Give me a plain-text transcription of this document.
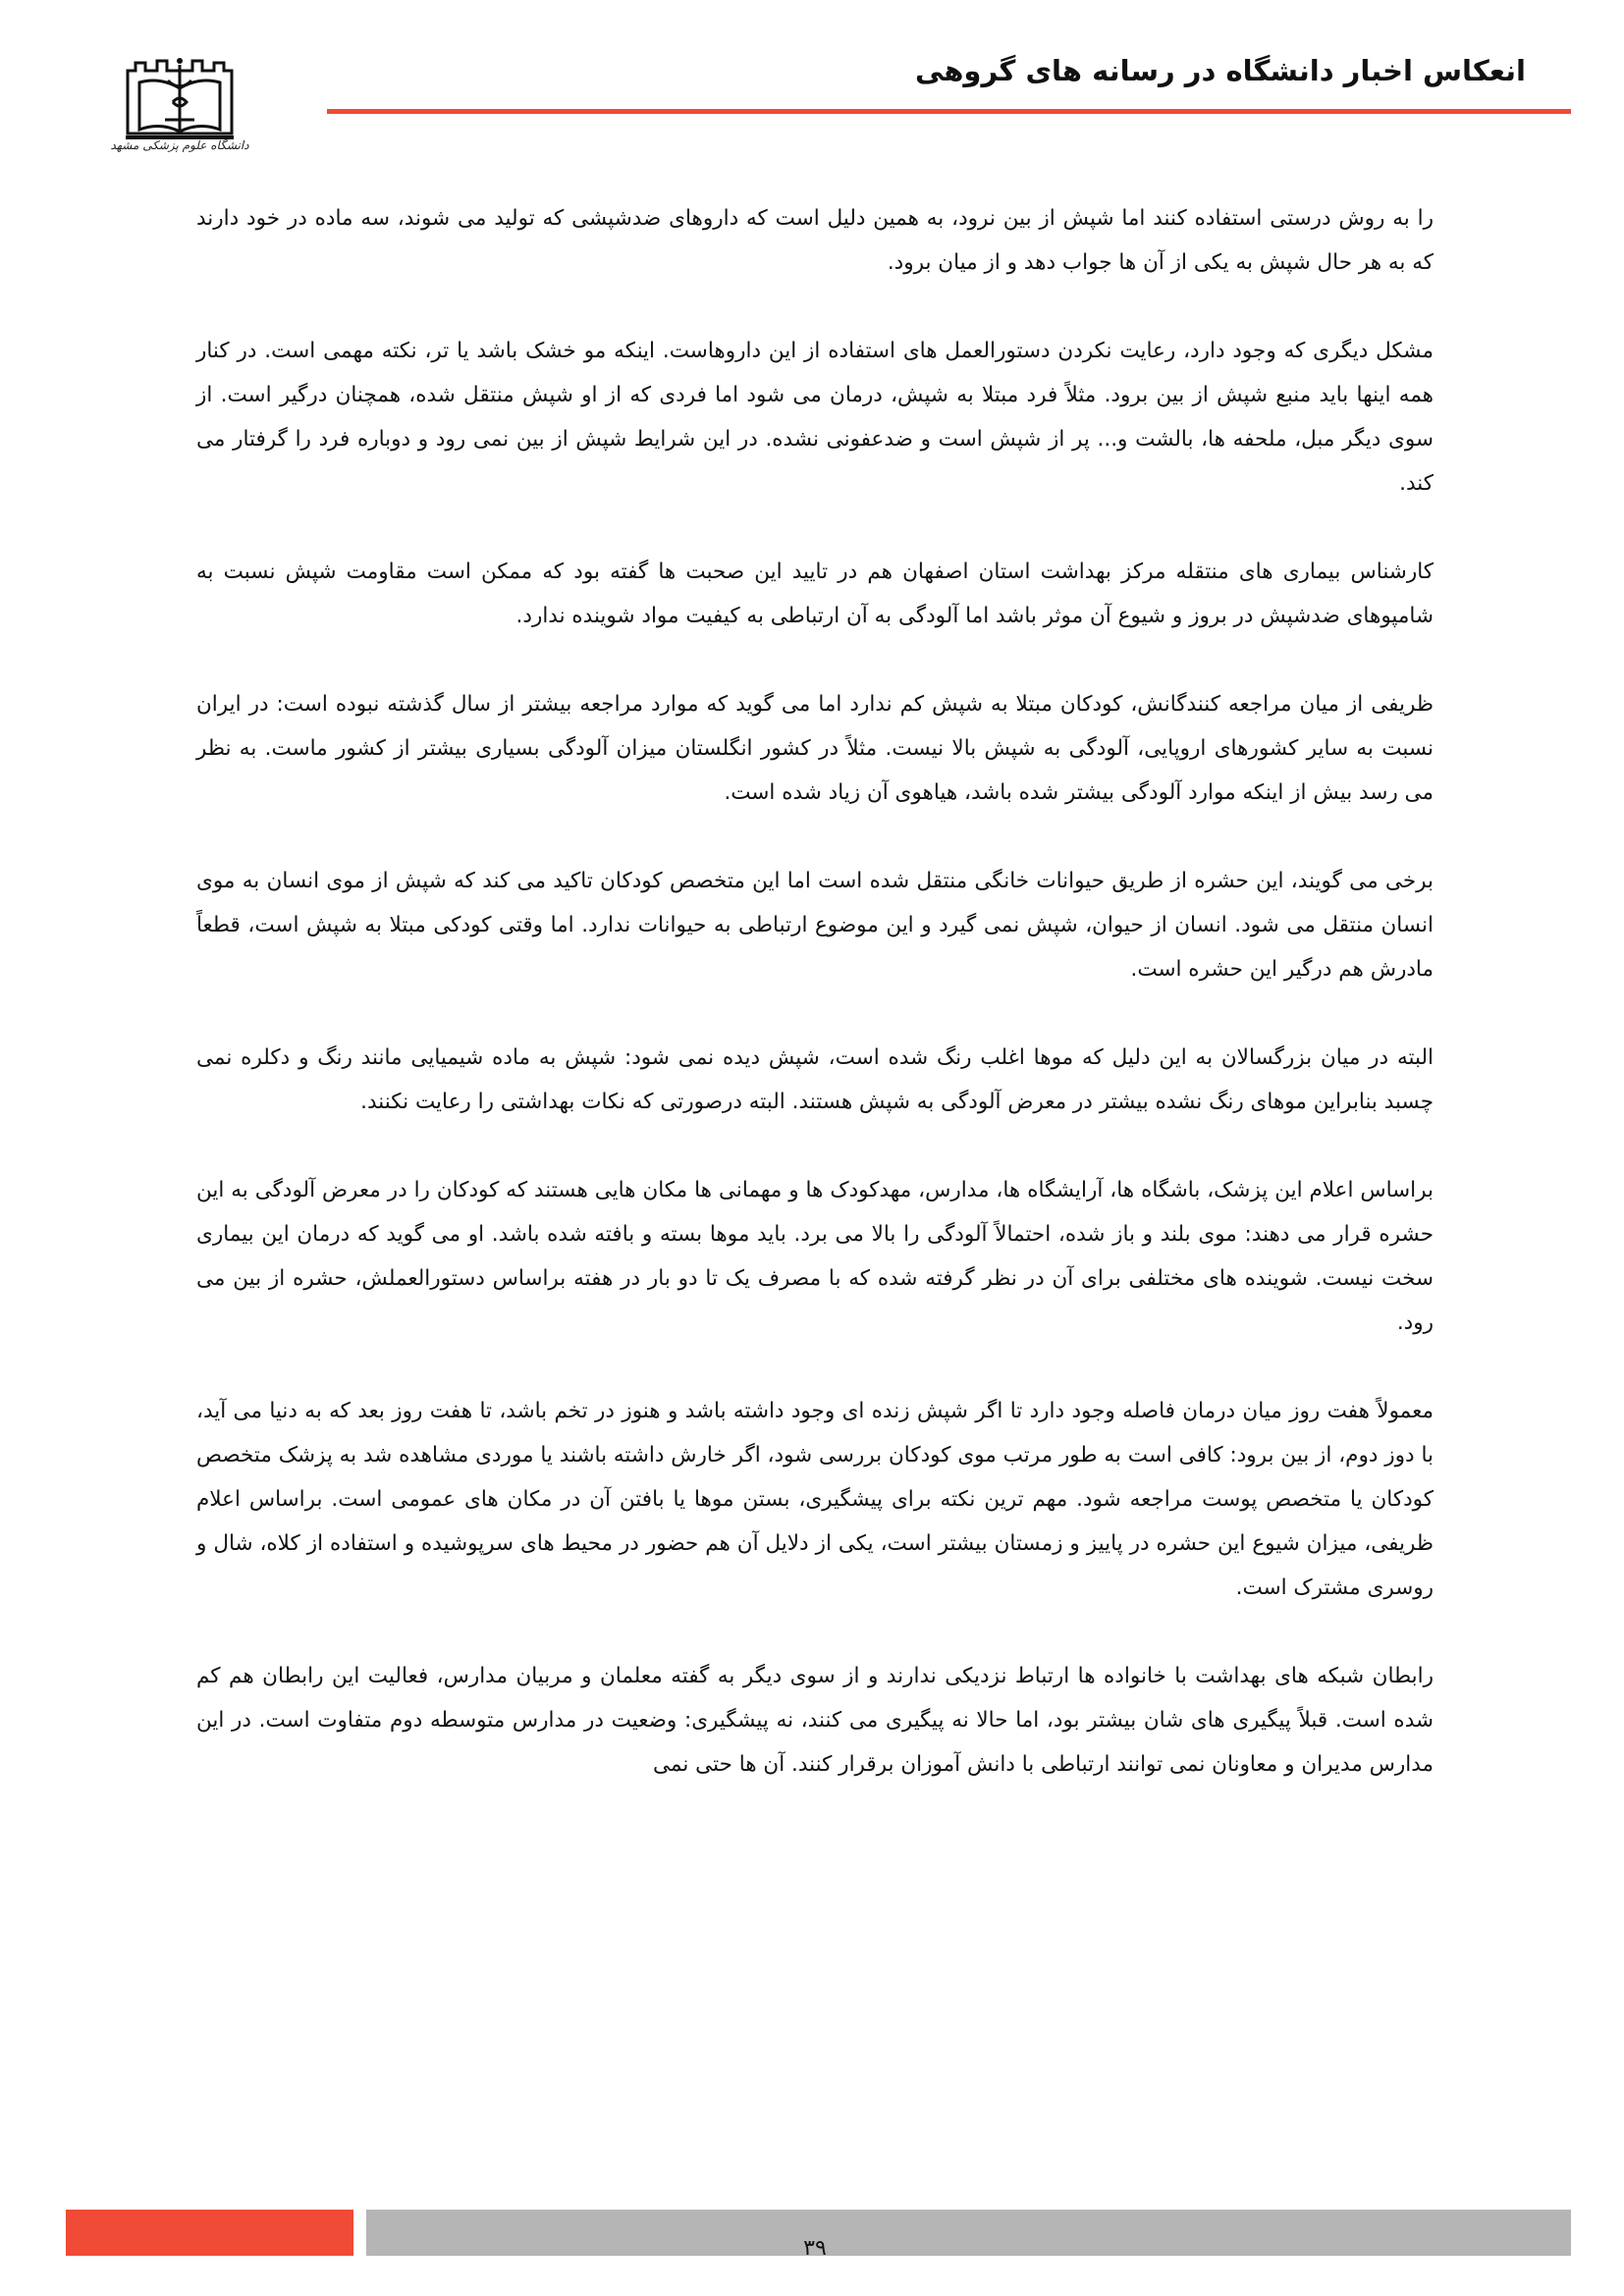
دانشگاه علوم پزشکی مشهد
انعکاس اخبار دانشگاه در رسانه های گروهی

را به روش درستی استفاده کنند اما شپش از بین نرود، به همین دلیل است که داروهای ضدشپشی که تولید می شوند، سه ماده در خود دارند که به هر حال شپش به یکی از آن ها جواب دهد و از میان برود.

مشکل دیگری که وجود دارد، رعایت نکردن دستورالعمل های استفاده از این داروهاست. اینکه مو خشک باشد یا تر، نکته مهمی است. در کنار همه اینها باید منبع شپش از بین برود. مثلاً فرد مبتلا به شپش، درمان می شود اما فردی که از او شپش منتقل شده، همچنان درگیر است. از سوی دیگر مبل، ملحفه ها، بالشت و... پر از شپش است و ضدعفونی نشده. در این شرایط شپش از بین نمی رود و دوباره فرد را گرفتار می کند.

کارشناس بیماری های منتقله مرکز بهداشت استان اصفهان هم در تایید این صحبت ها گفته بود که ممکن است مقاومت شپش نسبت به شامپوهای ضدشپش در بروز و شیوع آن موثر باشد اما آلودگی به آن ارتباطی به کیفیت مواد شوینده ندارد.

ظریفی از میان مراجعه کنندگانش، کودکان مبتلا به شپش کم ندارد اما می گوید که موارد مراجعه بیشتر از سال گذشته نبوده است: در ایران نسبت به سایر کشورهای اروپایی، آلودگی به شپش بالا نیست. مثلاً در کشور انگلستان میزان آلودگی بسیاری بیشتر از کشور ماست. به نظر می رسد بیش از اینکه موارد آلودگی بیشتر شده باشد، هیاهوی آن زیاد شده است.

برخی می گویند، این حشره از طریق حیوانات خانگی منتقل شده است اما این متخصص کودکان تاکید می کند که شپش از موی انسان به موی انسان منتقل می شود. انسان از حیوان، شپش نمی گیرد و این موضوع ارتباطی به حیوانات ندارد. اما وقتی کودکی مبتلا به شپش است، قطعاً مادرش هم درگیر این حشره است.

البته در میان بزرگسالان به این دلیل که موها اغلب رنگ شده است، شپش دیده نمی شود: شپش به ماده شیمیایی مانند رنگ و دکلره نمی چسبد بنابراین موهای رنگ نشده بیشتر در معرض آلودگی به شپش هستند. البته درصورتی که نکات بهداشتی را رعایت نکنند.

براساس اعلام این پزشک، باشگاه ها، آرایشگاه ها، مدارس، مهدکودک ها و مهمانی ها مکان هایی هستند که کودکان را در معرض آلودگی به این حشره قرار می دهند: موی بلند و باز شده، احتمالاً آلودگی را بالا می برد. باید موها بسته و بافته شده باشد. او می گوید که درمان این بیماری سخت نیست. شوینده های مختلفی برای آن در نظر گرفته شده که با مصرف یک تا دو بار در هفته براساس دستورالعملش، حشره از بین می رود.

معمولاً هفت روز میان درمان فاصله وجود دارد تا اگر شپش زنده ای وجود داشته باشد و هنوز در تخم باشد، تا هفت روز بعد که به دنیا می آید، با دوز دوم، از بین برود: کافی است به طور مرتب موی کودکان بررسی شود، اگر خارش داشته باشند یا موردی مشاهده شد به پزشک متخصص کودکان یا متخصص پوست مراجعه شود. مهم ترین نکته برای پیشگیری، بستن موها یا بافتن آن در مکان های عمومی است. براساس اعلام ظریفی، میزان شیوع این حشره در پاییز و زمستان بیشتر است، یکی از دلایل آن هم حضور در محیط های سرپوشیده و استفاده از کلاه، شال و روسری مشترک است.

رابطان شبکه های بهداشت با خانواده ها ارتباط نزدیکی ندارند و از سوی دیگر به گفته معلمان و مربیان مدارس، فعالیت این رابطان هم کم شده است. قبلاً پیگیری های شان بیشتر بود، اما حالا نه پیگیری می کنند، نه پیشگیری: وضعیت در مدارس متوسطه دوم متفاوت است. در این مدارس مدیران و معاونان نمی توانند ارتباطی با دانش آموزان برقرار کنند. آن ها حتی نمی

۳۹
